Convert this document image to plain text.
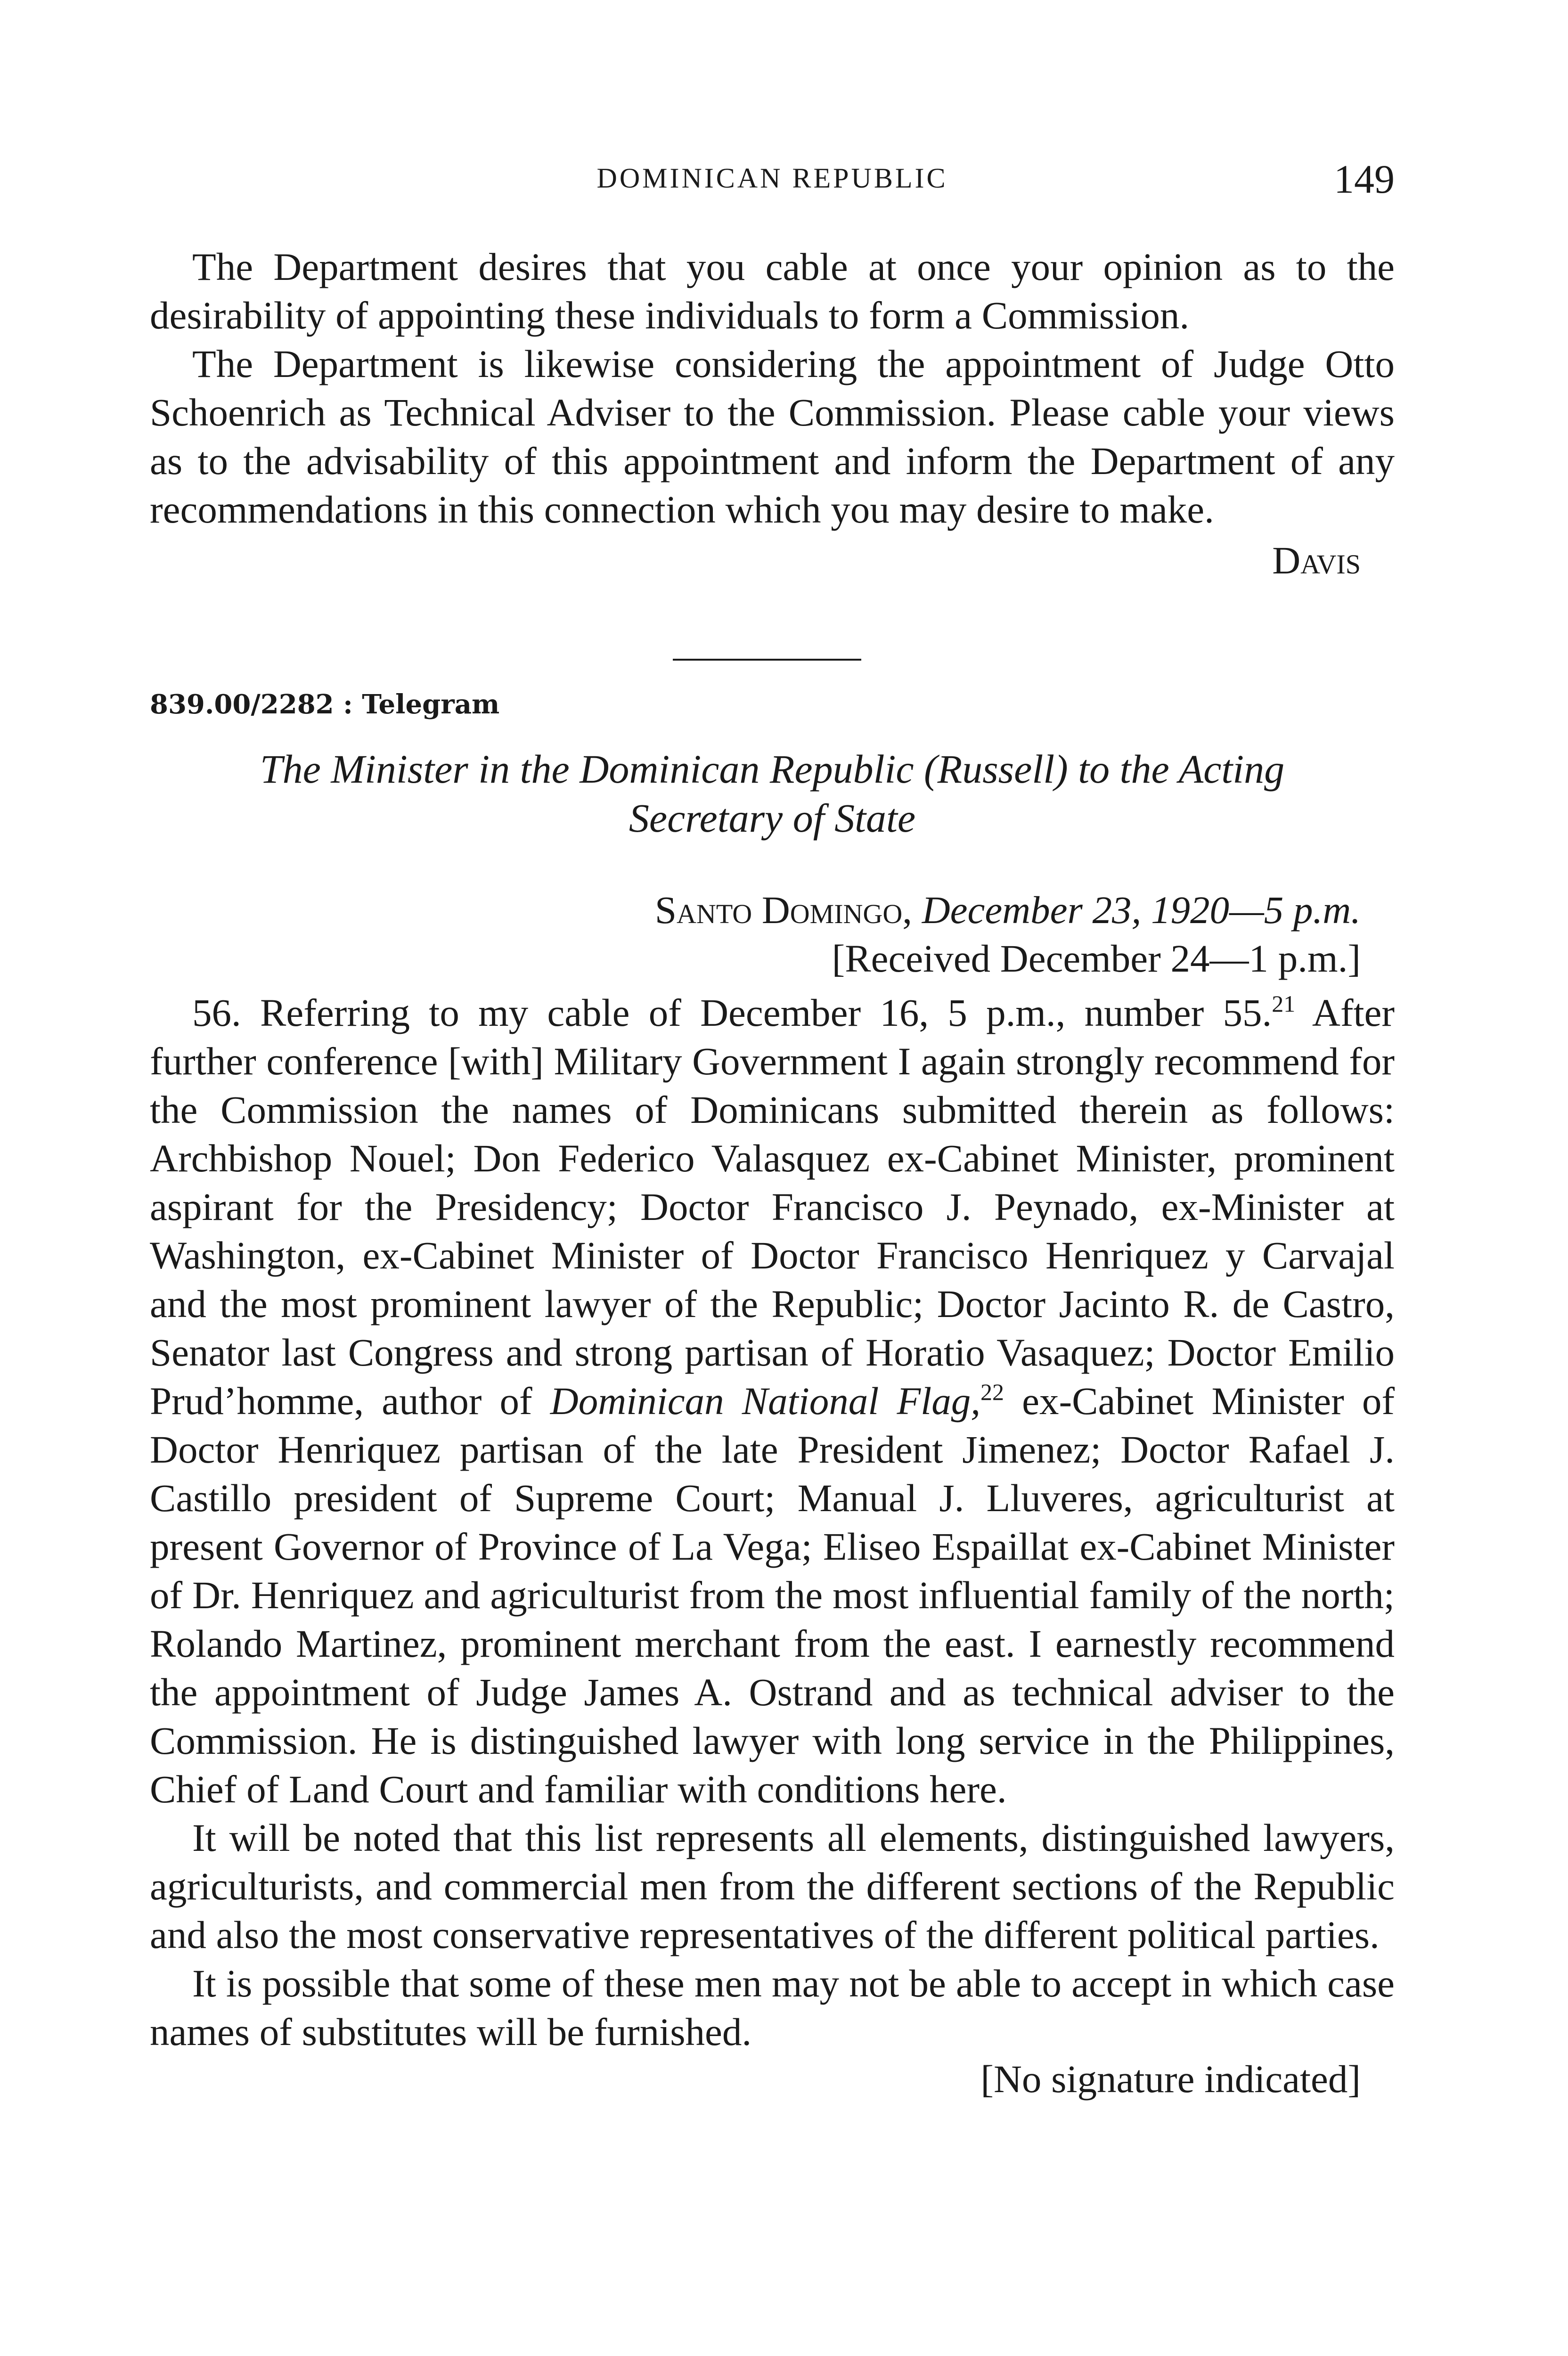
DOMINICAN REPUBLIC	149

The Department desires that you cable at once your opinion as to the desirability of appointing these individuals to form a Commission.

The Department is likewise considering the appointment of Judge Otto Schoenrich as Technical Adviser to the Commission. Please cable your views as to the advisability of this appointment and inform the Department of any recommendations in this connection which you may desire to make.

Davis

839.00/2282 : Telegram
The Minister in the Dominican Republic (Russell) to the Acting
Secretary of State
Santo Domingo, December 23, 1920—5 p.m.
[Received December 24—1 p.m.]

56. Referring to my cable of December 16, 5 p.m., number 55.21 After further conference [with] Military Government I again strongly recommend for the Commission the names of Dominicans submitted therein as follows: Archbishop Nouel; Don Federico Valasquez ex-Cabinet Minister, prominent aspirant for the Presidency; Doctor Francisco J. Peynado, ex-Minister at Washington, ex-Cabinet Minister of Doctor Francisco Henriquez y Carvajal and the most prominent lawyer of the Republic; Doctor Jacinto R. de Castro, Senator last Congress and strong partisan of Horatio Vasaquez; Doctor Emilio Prud’homme, author of Dominican National Flag,$^{22}$ ex-Cabinet Minister of Doctor Henriquez partisan of the late President Jimenez; Doctor Rafael J. Castillo president of Supreme Court; Manual J. Lluveres, agriculturist at present Governor of Province of La Vega; Eliseo Espaillat ex-Cabinet Minister of Dr. Henriquez and agriculturist from the most influential family of the north; Rolando Martinez, prominent merchant from the east. I earnestly recommend the appointment of Judge James A. Ostrand and as technical adviser to the Commission. He is distinguished lawyer with long service in the Philippines, Chief of Land Court and familiar with conditions here.

It will be noted that this list represents all elements, distinguished lawyers, agriculturists, and commercial men from the different sections of the Republic and also the most conservative representatives of the different political parties.

It is possible that some of these men may not be able to accept in which case names of substitutes will be furnished.

[No signature indicated]
